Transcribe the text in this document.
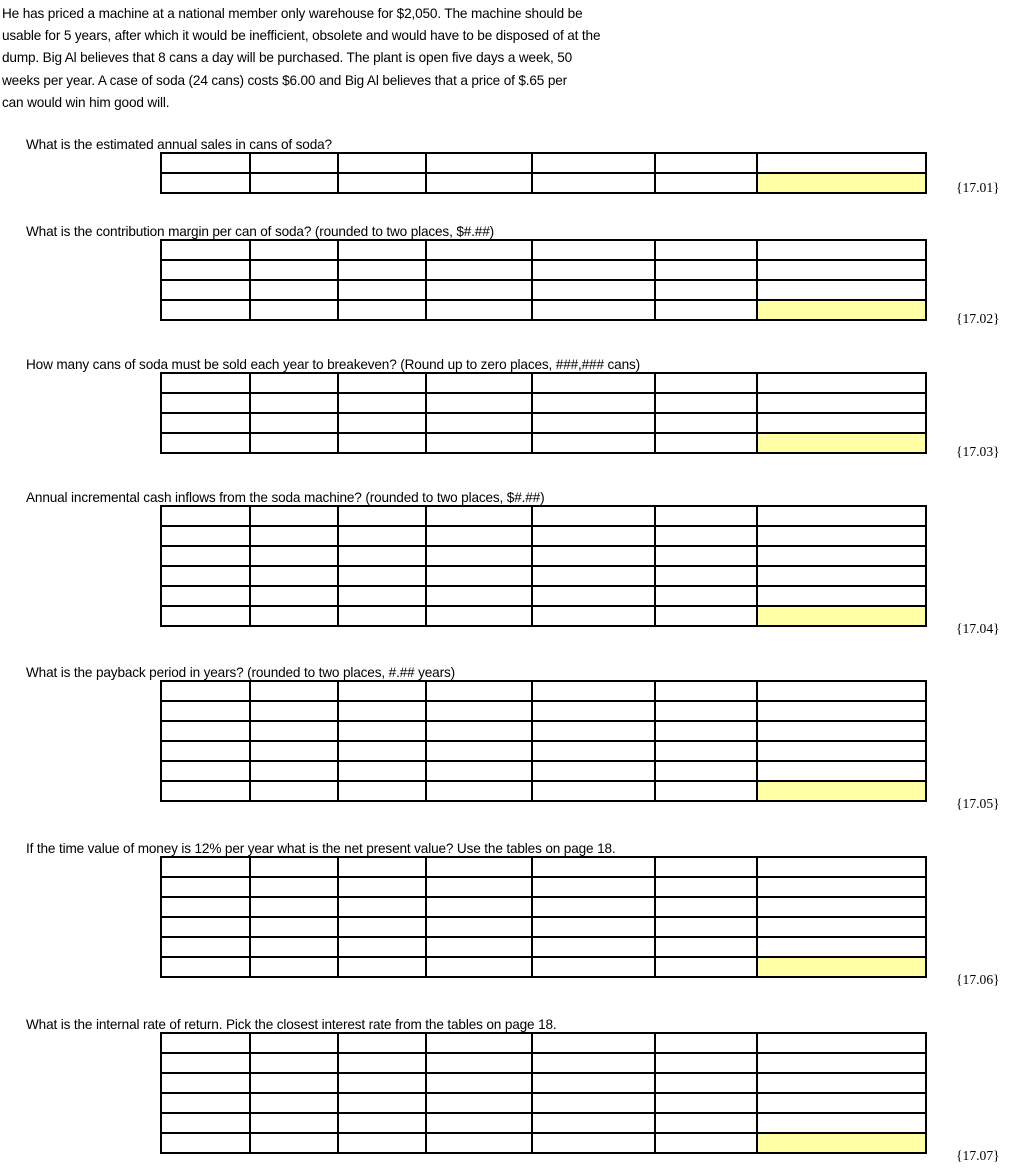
He has priced a machine at a national member only warehouse for $2,050. The machine should be
usable for 5 years, after which it would be inefficient, obsolete and would have to be disposed of at the
dump. Big Al believes that 8 cans a day will be purchased. The plant is open five days a week, 50
weeks per year. A case of soda (24 cans) costs $6.00 and Big Al believes that a price of $.65 per
can would win him good will.
What is the estimated annual sales in cans of soda?

{17.01}
What is the contribution margin per can of soda? (rounded to two places, $#.##)

{17.02}
How many cans of soda must be sold each year to breakeven? (Round up to zero places, ###,### cans)

{17.03}
Annual incremental cash inflows from the soda machine? (rounded to two places, $#.##)

{17.04}
What is the payback period in years? (rounded to two places, #.## years)

{17.05}
If the time value of money is 12% per year what is the net present value? Use the tables on page 18.

{17.06}
What is the internal rate of return. Pick the closest interest rate from the tables on page 18.

{17.07}
